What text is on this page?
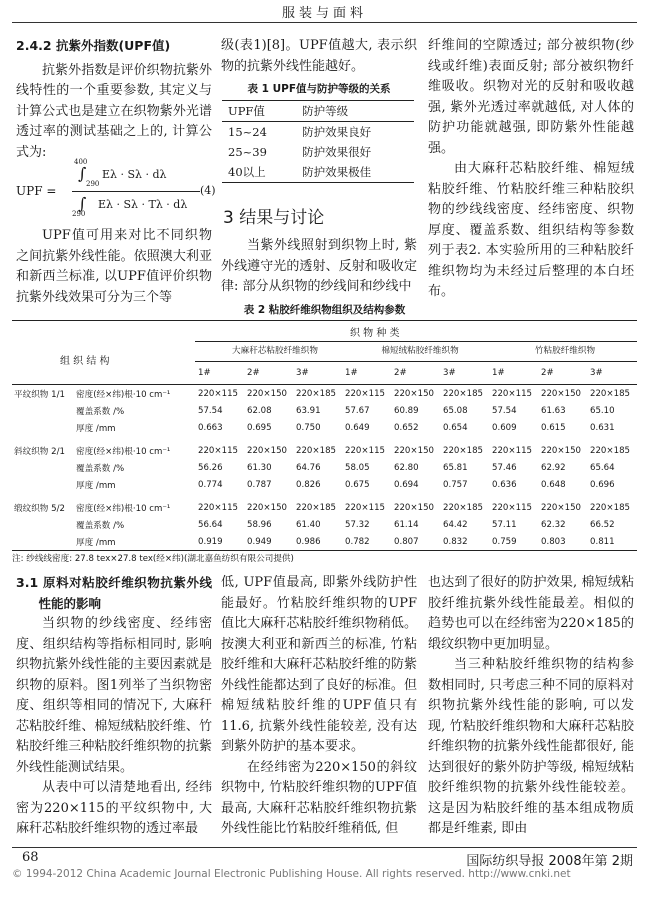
服装与面料

2.4.2 抗紫外指数(UPF值)

抗紫外指数是评价织物抗紫外线特性的一个重要参数, 其定义与计算公式也是建立在织物紫外光谱透过率的测试基础之上的, 计算公式为:

UPF =
400
∫
290
Eλ · Sλ · dλ
∫
290
Eλ · Sλ · Tλ · dλ
(4)

UPF值可用来对比不同织物之间抗紫外线性能。依照澳大利亚和新西兰标准, 以UPF值评价织物抗紫外线效果可分为三个等

级(表1)[8]。UPF值越大, 表示织物的抗紫外线性能越好。

表 1 UPF值与防护等级的关系

UPF值	防护等级
15~24	防护效果良好
25~39	防护效果很好
40以上	防护效果极佳
3 结果与讨论

当紫外线照射到织物上时, 紫外线遵守光的透射、反射和吸收定律: 部分从织物的纱线间和纱线中

纤维间的空隙透过; 部分被织物(纱线或纤维)表面反射; 部分被织物纤维吸收。织物对光的反射和吸收越强, 紫外光透过率就越低, 对人体的防护功能就越强, 即防紫外性能越强。

由大麻秆芯粘胶纤维、棉短绒粘胶纤维、竹粘胶纤维三种粘胶织物的纱线线密度、经纬密度、织物厚度、覆盖系数、组织结构等参数列于表2. 本实验所用的三种粘胶纤维织物均为未经过后整理的本白坯布。

表 2 粘胶纤维织物组织及结构参数
织 物 种 类
组 织 结 构
大麻秆芯粘胶纤维织物	棉短绒粘胶纤维织物	竹粘胶纤维织物
		1#	2#	3#	1#	2#	3#	1#	2#	3#

平纹织物 1/1	密度(经×纬)根·10 cm⁻¹	220×115	220×150	220×185	220×115	220×150	220×185	220×115	220×150	220×185
	覆盖系数 /%	57.54	62.08	63.91	57.67	60.89	65.08	57.54	61.63	65.10
	厚度 /mm	0.663	0.695	0.750	0.649	0.652	0.654	0.609	0.615	0.631

斜纹织物 2/1	密度(经×纬)根·10 cm⁻¹	220×115	220×150	220×185	220×115	220×150	220×185	220×115	220×150	220×185
	覆盖系数 /%	56.26	61.30	64.76	58.05	62.80	65.81	57.46	62.92	65.64
	厚度 /mm	0.774	0.787	0.826	0.675	0.694	0.757	0.636	0.648	0.696

缎纹织物 5/2	密度(经×纬)根·10 cm⁻¹	220×115	220×150	220×185	220×115	220×150	220×185	220×115	220×150	220×185
	覆盖系数 /%	56.64	58.96	61.40	57.32	61.14	64.42	57.11	62.32	66.52
	厚度 /mm	0.919	0.949	0.986	0.782	0.807	0.832	0.759	0.803	0.811

注: 纱线线密度: 27.8 tex×27.8 tex(经×纬)(湖北嘉鱼纺织有限公司提供)

3.1 原料对粘胶纤维织物抗紫外线性能的影响

当织物的纱线密度、经纬密度、组织结构等指标相同时, 影响织物抗紫外线性能的主要因素就是织物的原料。图1列举了当织物密度、组织等相同的情况下, 大麻秆芯粘胶纤维、棉短绒粘胶纤维、竹粘胶纤维三种粘胶纤维织物的抗紫外线性能测试结果。

从表中可以清楚地看出, 经纬密为220×115的平纹织物中, 大麻秆芯粘胶纤维织物的透过率最

低, UPF值最高, 即紫外线防护性能最好。竹粘胶纤维织物的UPF值比大麻秆芯粘胶纤维织物稍低。按澳大利亚和新西兰的标准, 竹粘胶纤维和大麻秆芯粘胶纤维的防紫外线性能都达到了良好的标准。但棉短绒粘胶纤维的UPF值只有11.6, 抗紫外线性能较差, 没有达到紫外防护的基本要求。

在经纬密为220×150的斜纹织物中, 竹粘胶纤维织物的UPF值最高, 大麻秆芯粘胶纤维织物抗紫外线性能比竹粘胶纤维稍低, 但

也达到了很好的防护效果, 棉短绒粘胶纤维抗紫外线性能最差。相似的趋势也可以在经纬密为220×185的缎纹织物中更加明显。

当三种粘胶纤维织物的结构参数相同时, 只考虑三种不同的原料对织物抗紫外线性能的影响, 可以发现, 竹粘胶纤维织物和大麻秆芯粘胶纤维织物的抗紫外线性能都很好, 能达到很好的紫外防护等级, 棉短绒粘胶纤维织物的抗紫外线性能较差。这是因为粘胶纤维的基本组成物质都是纤维素, 即由

68	国际纺织导报 2008年第 2期
© 1994-2012 China Academic Journal Electronic Publishing House. All rights reserved. http://www.cnki.net
